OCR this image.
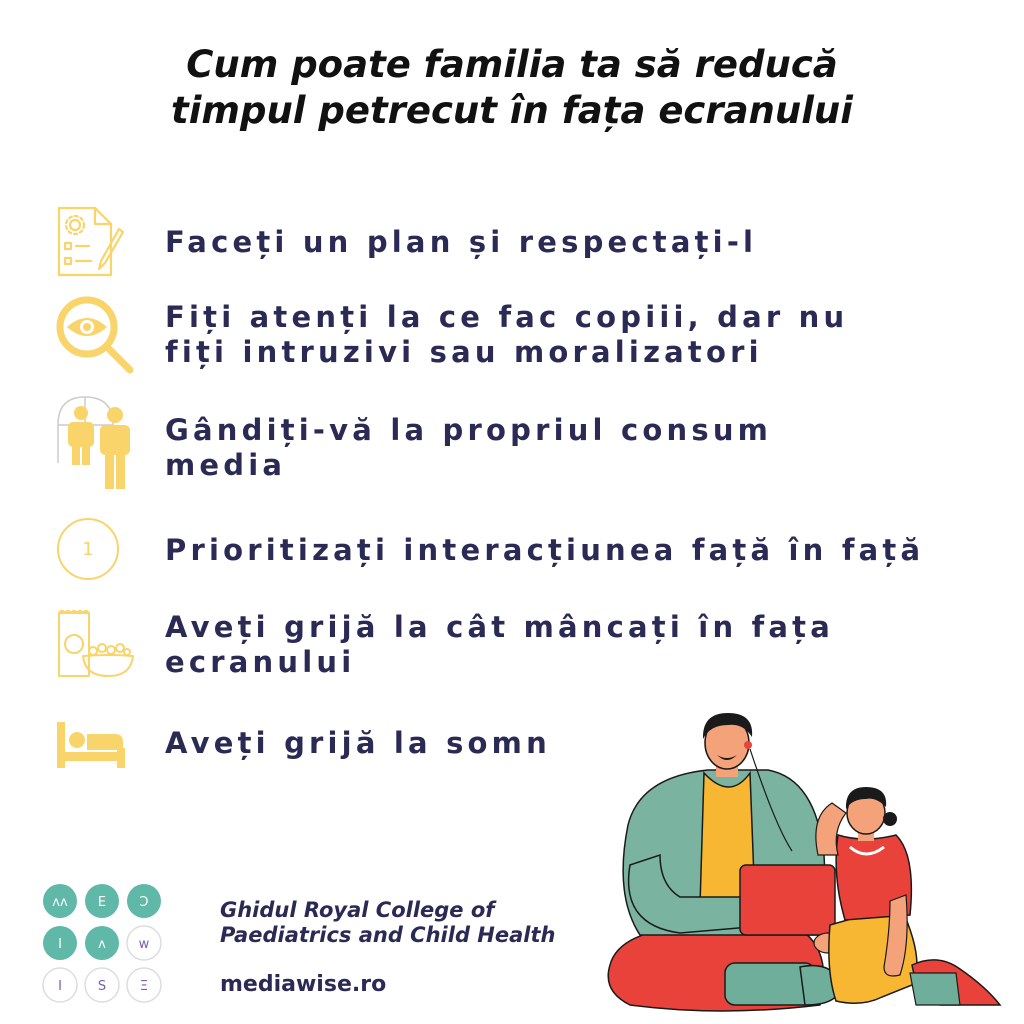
Cum poate familia ta să reducă
timpul petrecut în fața ecranului
Faceți un plan și respectați-l
Fiți atenți la ce fac copiii, dar nu
fiți intruzivi sau moralizatori
Gândiți-vă la propriul consum
media
1 Prioritizați interacțiunea față în față
Aveți grijă la cât mâncați în fața
ecranului
Aveți grijă la somn
ʌʌ E	Ↄ
I	ʌ	w
I	S	Ξ
Ghidul Royal College of
Paediatrics and Child Health
mediawise.ro
